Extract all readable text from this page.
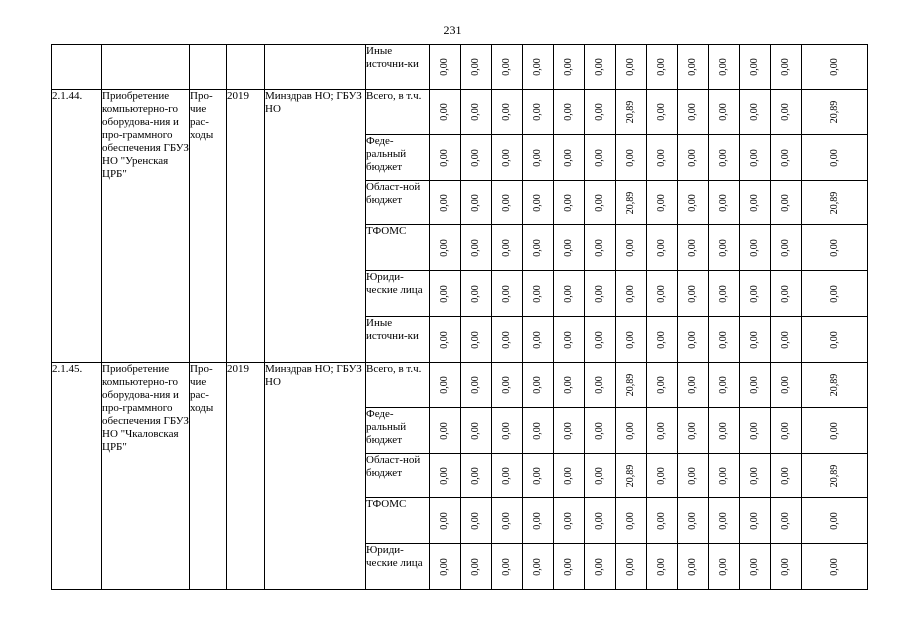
231
					Иные источни-ки	0,00	0,00	0,00	0,00	0,00	0,00	0,00	0,00	0,00	0,00	0,00	0,00	0,00

2.1.44.	Приобретение компьютерно-го оборудова-ния и про-граммного обеспечения ГБУЗ НО "Уренская ЦРБ"	Про-чие рас-ходы	2019	Минздрав НО; ГБУЗ НО	Всего, в т.ч.	0,00	0,00	0,00	0,00	0,00	0,00	20,89	0,00	0,00	0,00	0,00	0,00	20,89

					Феде-ральный бюджет	0,00	0,00	0,00	0,00	0,00	0,00	0,00	0,00	0,00	0,00	0,00	0,00	0,00

					Област-ной бюджет	0,00	0,00	0,00	0,00	0,00	0,00	20,89	0,00	0,00	0,00	0,00	0,00	20,89

					ТФОМС	0,00	0,00	0,00	0,00	0,00	0,00	0,00	0,00	0,00	0,00	0,00	0,00	0,00

					Юриди-ческие лица	0,00	0,00	0,00	0,00	0,00	0,00	0,00	0,00	0,00	0,00	0,00	0,00	0,00

					Иные источни-ки	0,00	0,00	0,00	0,00	0,00	0,00	0,00	0,00	0,00	0,00	0,00	0,00	0,00

2.1.45.	Приобретение компьютерно-го оборудова-ния и про-граммного обеспечения ГБУЗ НО "Чкаловская ЦРБ"	Про-чие рас-ходы	2019	Минздрав НО; ГБУЗ НО	Всего, в т.ч.	0,00	0,00	0,00	0,00	0,00	0,00	20,89	0,00	0,00	0,00	0,00	0,00	20,89

					Феде-ральный бюджет	0,00	0,00	0,00	0,00	0,00	0,00	0,00	0,00	0,00	0,00	0,00	0,00	0,00

					Област-ной бюджет	0,00	0,00	0,00	0,00	0,00	0,00	20,89	0,00	0,00	0,00	0,00	0,00	20,89

					ТФОМС	0,00	0,00	0,00	0,00	0,00	0,00	0,00	0,00	0,00	0,00	0,00	0,00	0,00

					Юриди-ческие лица	0,00	0,00	0,00	0,00	0,00	0,00	0,00	0,00	0,00	0,00	0,00	0,00	0,00
